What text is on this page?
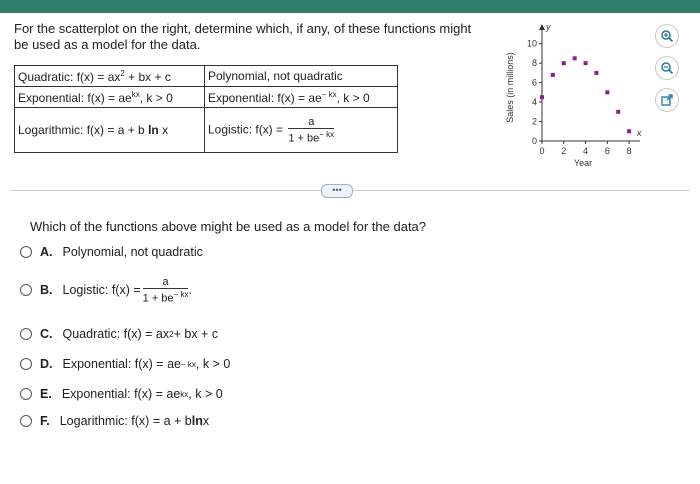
For the scatterplot on the right, determine which, if any, of these functions might be used as a model for the data.
Quadratic: $f(x) = ax^2$ + bx + c	Polynomial, not quadratic
Exponential: $f(x) = ae^{kx}$, k > 0	Exponential: $f(x) = ae^{- kx}$, k > 0
Logarithmic: f(x) = a + b ln x	Logistic: $f(x) = \frac{a}{1 + be^{- kx}}$
0 2 4 6 8
0
2
4
6
8
10
Year
Sales (in millions)
x
y
•••
Which of the functions above might be used as a model for the data?
A. Polynomial, not quadratic
B. Logistic: $f(x) = \frac{a}{1 + be^{- kx}}$ .
C. Quadratic: f(x) = ax 2 + bx + c
D. Exponential: f(x) = ae − kx , k > 0
E. Exponential: f(x) = ae kx , k > 0
F. Logarithmic: f(x) = a + b ln x
